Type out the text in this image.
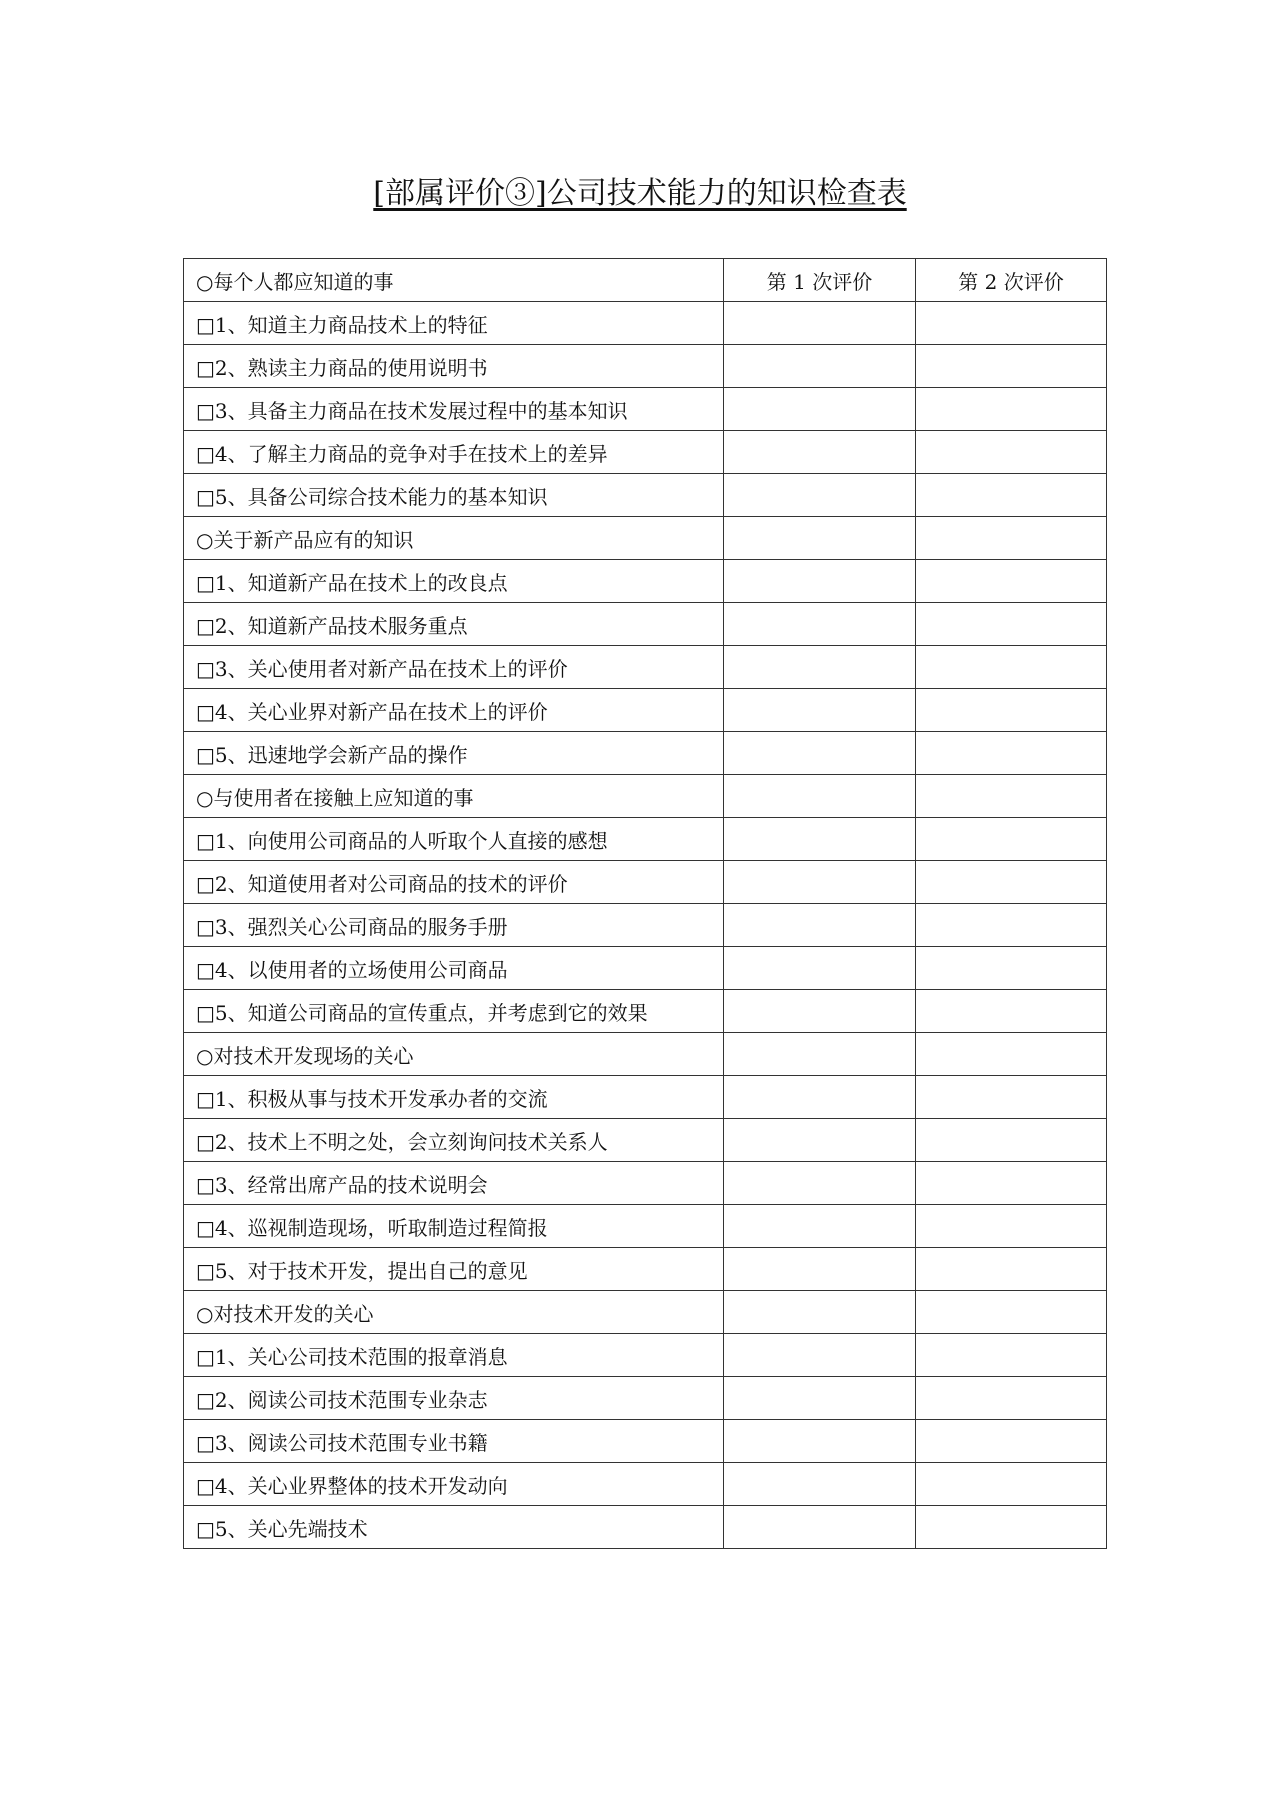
[部属评价③]公司技术能力的知识检查表
○每个人都应知道的事	第 1 次评价	第 2 次评价
□1、知道主力商品技术上的特征		
□2、熟读主力商品的使用说明书		
□3、具备主力商品在技术发展过程中的基本知识		
□4、了解主力商品的竞争对手在技术上的差异		
□5、具备公司综合技术能力的基本知识		
○关于新产品应有的知识		
□1、知道新产品在技术上的改良点		
□2、知道新产品技术服务重点		
□3、关心使用者对新产品在技术上的评价		
□4、关心业界对新产品在技术上的评价		
□5、迅速地学会新产品的操作		
○与使用者在接触上应知道的事		
□1、向使用公司商品的人听取个人直接的感想		
□2、知道使用者对公司商品的技术的评价		
□3、强烈关心公司商品的服务手册		
□4、以使用者的立场使用公司商品		
□5、知道公司商品的宣传重点，并考虑到它的效果		
○对技术开发现场的关心		
□1、积极从事与技术开发承办者的交流		
□2、技术上不明之处，会立刻询问技术关系人		
□3、经常出席产品的技术说明会		
□4、巡视制造现场，听取制造过程简报		
□5、对于技术开发，提出自己的意见		
○对技术开发的关心		
□1、关心公司技术范围的报章消息		
□2、阅读公司技术范围专业杂志		
□3、阅读公司技术范围专业书籍		
□4、关心业界整体的技术开发动向		
□5、关心先端技术		
